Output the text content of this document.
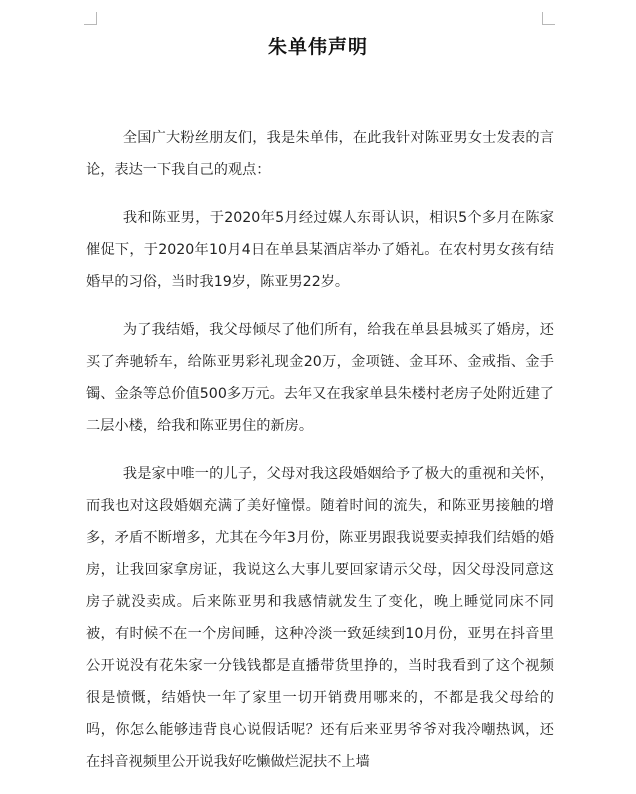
朱单伟声明

全国广大粉丝朋友们，我是朱单伟，在此我针对陈亚男女士发表的言论，表达一下我自己的观点：

我和陈亚男，于2020年5月经过媒人东哥认识，相识5个多月在陈家催促下，于2020年10月4日在单县某酒店举办了婚礼。在农村男女孩有结婚早的习俗，当时我19岁，陈亚男22岁。

为了我结婚，我父母倾尽了他们所有，给我在单县县城买了婚房，还买了奔驰轿车，给陈亚男彩礼现金20万，金项链、金耳环、金戒指、金手镯、金条等总价值500多万元。去年又在我家单县朱楼村老房子处附近建了二层小楼，给我和陈亚男住的新房。

我是家中唯一的儿子，父母对我这段婚姻给予了极大的重视和关怀，而我也对这段婚姻充满了美好憧憬。随着时间的流失，和陈亚男接触的增多，矛盾不断增多，尤其在今年3月份，陈亚男跟我说要卖掉我们结婚的婚房，让我回家拿房证，我说这么大事儿要回家请示父母，因父母没同意这房子就没卖成。后来陈亚男和我感情就发生了变化，晚上睡觉同床不同被，有时候不在一个房间睡，这种冷淡一致延续到10月份，亚男在抖音里公开说没有花朱家一分钱钱都是直播带货里挣的，当时我看到了这个视频很是愤慨，结婚快一年了家里一切开销费用哪来的，不都是我父母给的吗，你怎么能够违背良心说假话呢？还有后来亚男爷爷对我冷嘲热讽，还在抖音视频里公开说我好吃懒做烂泥扶不上墙
